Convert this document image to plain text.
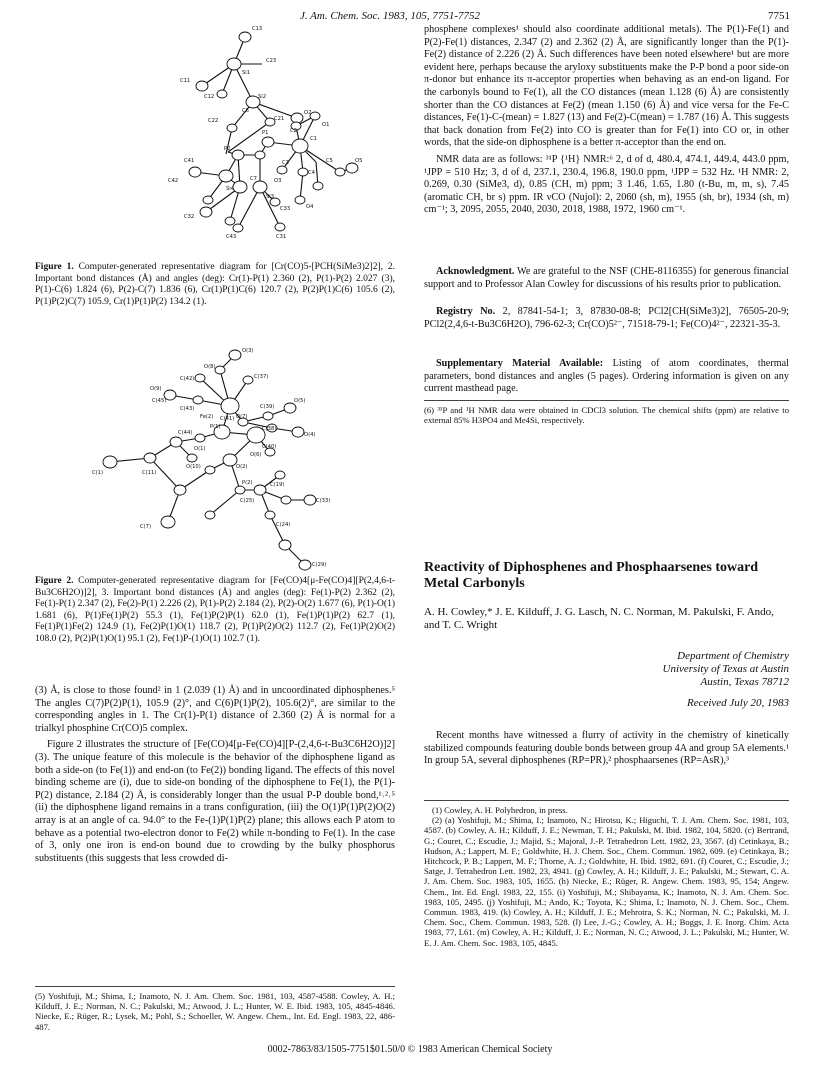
J. Am. Chem. Soc. 1983, 105, 7751-7752	7751
C13
C23
Si1
C11
C12	Si2
C6	O2
C22	C21
C2
O1
P1
C1
C41
P2
C3	C5	O5
C42
Si4
C7	O3
C4
C32
Si3
C33	O4
C43	C31
Figure 1. Computer-generated representative diagram for [Cr(CO)5-[PCH(SiMe3)2]2], 2. Important bond distances (Å) and angles (deg): Cr(1)-P(1) 2.360 (2), P(1)-P(2) 2.027 (3), P(1)-C(6) 1.824 (6), P(2)-C(7) 1.836 (6), Cr(1)P(1)C(6) 120.7 (2), P(2)P(1)C(6) 105.6 (2), P(1)P(2)C(7) 105.9, Cr(1)P(1)P(2) 134.2 (1).
O(3)
O(8)
C(42)	C(37)
O(9)
C(45)
C(43)
C(41) O(7)
C(39)
O(5)
Fe(2)
C(38)
O(4)
C(44)
P(1)
C(40)
O(6)
O(1)
C(1)	C(11)
O(10)
C(7)
O(2)
P(2)
C(25)
C(19)
C(33)
C(24)
C(29)
Figure 2. Computer-generated representative diagram for [Fe(CO)4[μ-Fe(CO)4][P(2,4,6-t-Bu3C6H2O)]2], 3. Important bond distances (Å) and angles (deg): Fe(1)-P(2) 2.362 (2), Fe(1)-P(1) 2.347 (2), Fe(2)-P(1) 2.226 (2), P(1)-P(2) 2.184 (2), P(2)-O(2) 1.677 (6), P(1)-O(1) 1.681 (6), P(1)Fe(1)P(2) 55.3 (1), Fe(1)P(2)P(1) 62.0 (1), Fe(1)P(1)P(2) 62.7 (1), Fe(1)P(1)Fe(2) 124.9 (1), Fe(2)P(1)O(1) 118.7 (2), P(1)P(2)O(2) 112.7 (2), Fe(1)P(2)O(2) 108.0 (2), P(2)P(1)O(1) 95.1 (2), Fe(1)P-(1)O(1) 102.7 (1).

(3) Å, is close to those found² in 1 (2.039 (1) Å) and in uncoordinated diphosphenes.⁵ The angles C(7)P(2)P(1), 105.9 (2)°, and C(6)P(1)P(2), 105.6(2)°, are similar to the corresponding angles in 1. The Cr(1)-P(1) distance of 2.360 (2) Å is normal for a trialkyl phosphine Cr(CO)5 complex.

Figure 2 illustrates the structure of [Fe(CO)4[μ-Fe(CO)4][P-(2,4,6-t-Bu3C6H2O)]2] (3). The unique feature of this molecule is the behavior of the diphosphene ligand as both a side-on (to Fe(1)) and end-on (to Fe(2)) bonding ligand. The effects of this novel binding scheme are (i), due to side-on bonding of the diphosphene to Fe(1), the P(1)-P(2) distance, 2.184 (2) Å, is considerably longer than the usual P-P double bond,¹˒²˒⁵ (ii) the diphosphene ligand remains in a trans configuration, (iii) the O(1)P(1)P(2)O(2) array is at an angle of ca. 94.0° to the Fe-(1)P(1)P(2) plane; this allows each P atom to behave as a potential two-electron donor to Fe(2) while π-bonding to Fe(1). In the case of 3, only one iron is end-on bound due to crowding by the bulky phosphorus substituents (this suggests that less crowded di-

(5) Yoshifuji, M.; Shima, I.; Inamoto, N. J. Am. Chem. Soc. 1981, 103, 4587-4588. Cowley, A. H.; Kilduff, J. E.; Norman, N. C.; Pakulski, M.; Atwood, J. L.; Hunter, W. E. Ibid. 1983, 105, 4845-4846. Niecke, E.; Rüger, R.; Lysek, M.; Pohl, S.; Schoeller, W. Angew. Chem., Int. Ed. Engl. 1983, 22, 486-487.

phosphene complexes¹ should also coordinate additional metals). The P(1)-Fe(1) and P(2)-Fe(1) distances, 2.347 (2) and 2.362 (2) Å, are significantly longer than the P(1)-Fe(2) distance of 2.226 (2) Å. Such differences have been noted elsewhere¹ but are more evident here, perhaps because the aryloxy substituents make the P-P bond a poor side-on π-donor but enhance its π-acceptor properties when behaving as an end-on ligand. For the carbonyls bound to Fe(1), all the CO distances (mean 1.128 (6) Å) are consistently shorter than the CO distances at Fe(2) (mean 1.150 (6) Å) and vice versa for the Fe-C distances, Fe(1)-C-(mean) = 1.827 (13) and Fe(2)-C(mean) = 1.787 (16) Å. This suggests that back donation from Fe(2) into CO is greater than for Fe(1) into CO or, in other words, that the side-on diphosphene is a better π-acceptor than the end on.

NMR data are as follows: ³¹P {¹H} NMR:⁶ 2, d of d, 480.4, 474.1, 449.4, 443.0 ppm, ¹JPP = 510 Hz; 3, d of d, 237.1, 230.4, 196.8, 190.0 ppm, ¹JPP = 532 Hz. ¹H NMR: 2, 0.269, 0.30 (SiMe3, d), 0.85 (CH, m) ppm; 3 1.46, 1.65, 1.80 (t-Bu, m, m, s), 7.45 (aromatic CH, br s) ppm. IR νCO (Nujol): 2, 2060 (sh, m), 1955 (sh, br), 1934 (sh, m) cm⁻¹; 3, 2095, 2055, 2040, 2030, 2018, 1988, 1972, 1960 cm⁻¹.

Acknowledgment. We are grateful to the NSF (CHE-8116355) for generous financial support and to Professor Alan Cowley for discussions of his results prior to publication.

Registry No. 2, 87841-54-1; 3, 87830-08-8; PCl2[CH(SiMe3)2], 76505-20-9; PCl2(2,4,6-t-Bu3C6H2O), 796-62-3; Cr(CO)5²⁻, 71518-79-1; Fe(CO)4²⁻, 22321-35-3.

Supplementary Material Available: Listing of atom coordinates, thermal parameters, bond distances and angles (5 pages). Ordering information is given on any current masthead page.

(6) ³¹P and ¹H NMR data were obtained in CDCl3 solution. The chemical shifts (ppm) are relative to external 85% H3PO4 and Me4Si, respectively.

Reactivity of Diphosphenes and Phosphaarsenes toward Metal Carbonyls
A. H. Cowley,* J. E. Kilduff, J. G. Lasch, N. C. Norman, M. Pakulski, F. Ando, and T. C. Wright
Department of Chemistry
University of Texas at Austin
Austin, Texas 78712
Received July 20, 1983

Recent months have witnessed a flurry of activity in the chemistry of kinetically stabilized compounds featuring double bonds between group 4A and group 5A elements.¹ In group 5A, several diphosphenes (RP=PR),² phosphaarsenes (RP=AsR),³

(1) Cowley, A. H. Polyhedron, in press.

(2) (a) Yoshifuji, M.; Shima, I.; Inamoto, N.; Hirotsu, K.; Higuchi, T. J. Am. Chem. Soc. 1981, 103, 4587. (b) Cowley, A. H.; Kilduff, J. E.; Newman, T. H.; Pakulski, M. Ibid. 1982, 104, 5820. (c) Bertrand, G.; Couret, C.; Escudie, J.; Majid, S.; Majoral, J.-P. Tetrahedron Lett. 1982, 23, 3567. (d) Cetinkaya, B.; Hudson, A.; Lappert, M. F.; Goldwhite, H. J. Chem. Soc., Chem. Commun. 1982, 609. (e) Cetinkaya, B.; Hitchcock, P. B.; Lappert, M. F.; Thorne, A. J.; Goldwhite, H. Ibid. 1982, 691. (f) Couret, C.; Escudie, J.; Satge, J. Tetrahedron Lett. 1982, 23, 4941. (g) Cowley, A. H.; Kilduff, J. E.; Pakulski, M.; Stewart, C. A. J. Am. Chem. Soc. 1983, 105, 1655. (h) Niecke, E.; Rüger, R. Angew. Chem. 1983, 95, 154; Angew. Chem., Int. Ed. Engl. 1983, 22, 155. (i) Yoshifuji, M.; Shibayama, K.; Inamoto, N. J. Am. Chem. Soc. 1983, 105, 2495. (j) Yoshifuji, M.; Ando, K.; Toyota, K.; Shima, I.; Inamoto, N. J. Chem. Soc., Chem. Commun. 1983, 419. (k) Cowley, A. H.; Kilduff, J. E.; Mehrotra, S. K.; Norman, N. C.; Pakulski, M. J. Chem. Soc., Chem. Commun. 1983, 528. (l) Lee, J.-G.; Cowley, A. H.; Boggs, J. E. Inorg. Chim. Acta 1983, 77, L61. (m) Cowley, A. H.; Kilduff, J. E.; Norman, N. C.; Atwood, J. L.; Pakulski, M.; Hunter, W. E. J. Am. Chem. Soc. 1983, 105, 4845.

0002-7863/83/1505-7751$01.50/0 © 1983 American Chemical Society
